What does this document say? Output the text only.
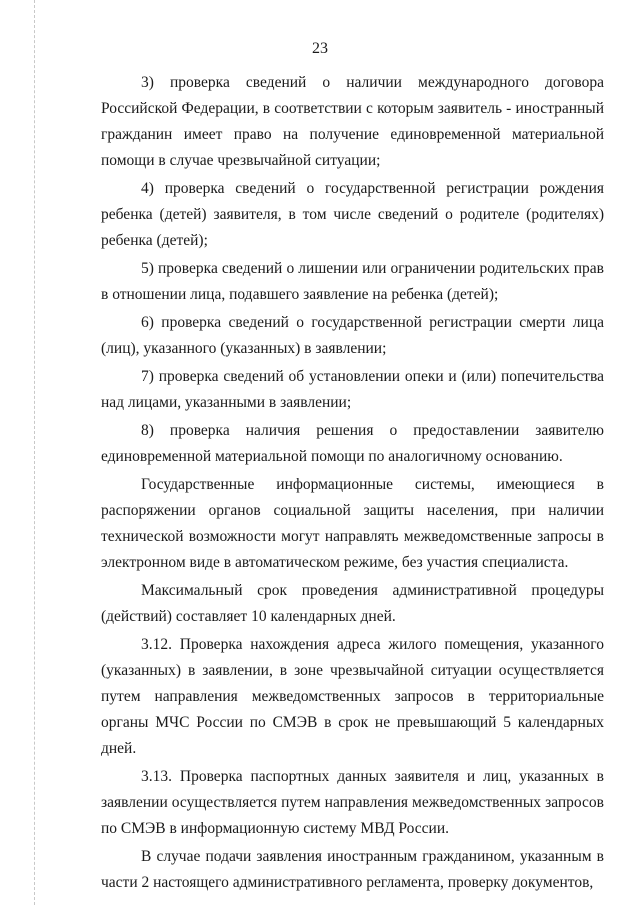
23

3) проверка сведений о наличии международного договора Российской Федерации, в соответствии с которым заявитель - иностранный гражданин имеет право на получение единовременной материальной помощи в случае чрезвычайной ситуации;

4) проверка сведений о государственной регистрации рождения ребенка (детей) заявителя, в том числе сведений о родителе (родителях) ребенка (детей);

5) проверка сведений о лишении или ограничении родительских прав в отношении лица, подавшего заявление на ребенка (детей);

6) проверка сведений о государственной регистрации смерти лица (лиц), указанного (указанных) в заявлении;

7) проверка сведений об установлении опеки и (или) попечительства над лицами, указанными в заявлении;

8) проверка наличия решения о предоставлении заявителю единовременной материальной помощи по аналогичному основанию.

Государственные информационные системы, имеющиеся в распоряжении органов социальной защиты населения, при наличии технической возможности могут направлять межведомственные запросы в электронном виде в автоматическом режиме, без участия специалиста.

Максимальный срок проведения административной процедуры (действий) составляет 10 календарных дней.

3.12. Проверка нахождения адреса жилого помещения, указанного (указанных) в заявлении, в зоне чрезвычайной ситуации осуществляется путем направления межведомственных запросов в территориальные органы МЧС России по СМЭВ в срок не превышающий 5 календарных дней.

3.13. Проверка паспортных данных заявителя и лиц, указанных в заявлении осуществляется путем направления межведомственных запросов по СМЭВ в информационную систему МВД России.

В случае подачи заявления иностранным гражданином, указанным в части 2 настоящего административного регламента, проверку документов,
